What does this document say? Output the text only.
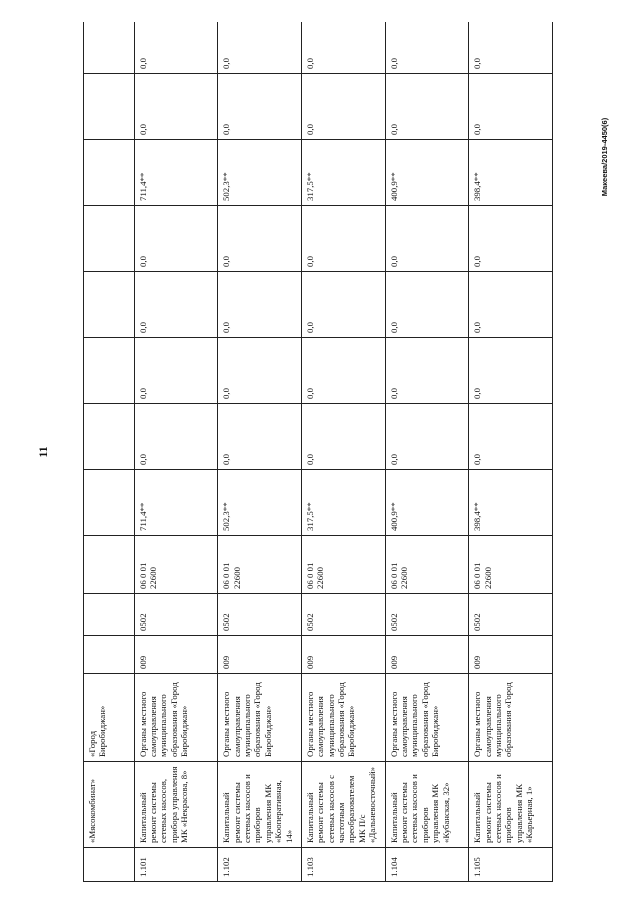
11
Макеева/2019-4450(6)
	«Мясокомбинат»	«Город Биробиджан»											
1.101	Капитальный ремонт системы сетевых насосов, прибора управления МК «Некрасова, 8»	Органы местного самоуправления муниципального образования «Город Биробиджан»	009	0502	06 0 01 22600	711,4**	0,0	0,0	0,0	0,0	711,4**	0,0	0,0
1.102	Капитальный ремонт системы сетевых насосов и приборов управления МК «Кооперативная, 14»	Органы местного самоуправления муниципального образования «Город Биробиджан»	009	0502	06 0 01 22600	502,3**	0,0	0,0	0,0	0,0	502,3**	0,0	0,0
1.103	Капитальный ремонт системы сетевых насосов с частотным преобразователем МК П/с «Дальневосточный»	Органы местного самоуправления муниципального образования «Город Биробиджан»	009	0502	06 0 01 22600	317,5**	0,0	0,0	0,0	0,0	317,5**	0,0	0,0
1.104	Капитальный ремонт системы сетевых насосов и приборов управления МК «Кубанская, 32»	Органы местного самоуправления муниципального образования «Город Биробиджан»	009	0502	06 0 01 22600	400,9**	0,0	0,0	0,0	0,0	400,9**	0,0	0,0
1.105	Капитальный ремонт системы сетевых насосов и приборов управления МК «Карьерная, 1»	Органы местного самоуправления муниципального образования «Город	009	0502	06 0 01 22600	398,4**	0,0	0,0	0,0	0,0	398,4**	0,0	0,0
